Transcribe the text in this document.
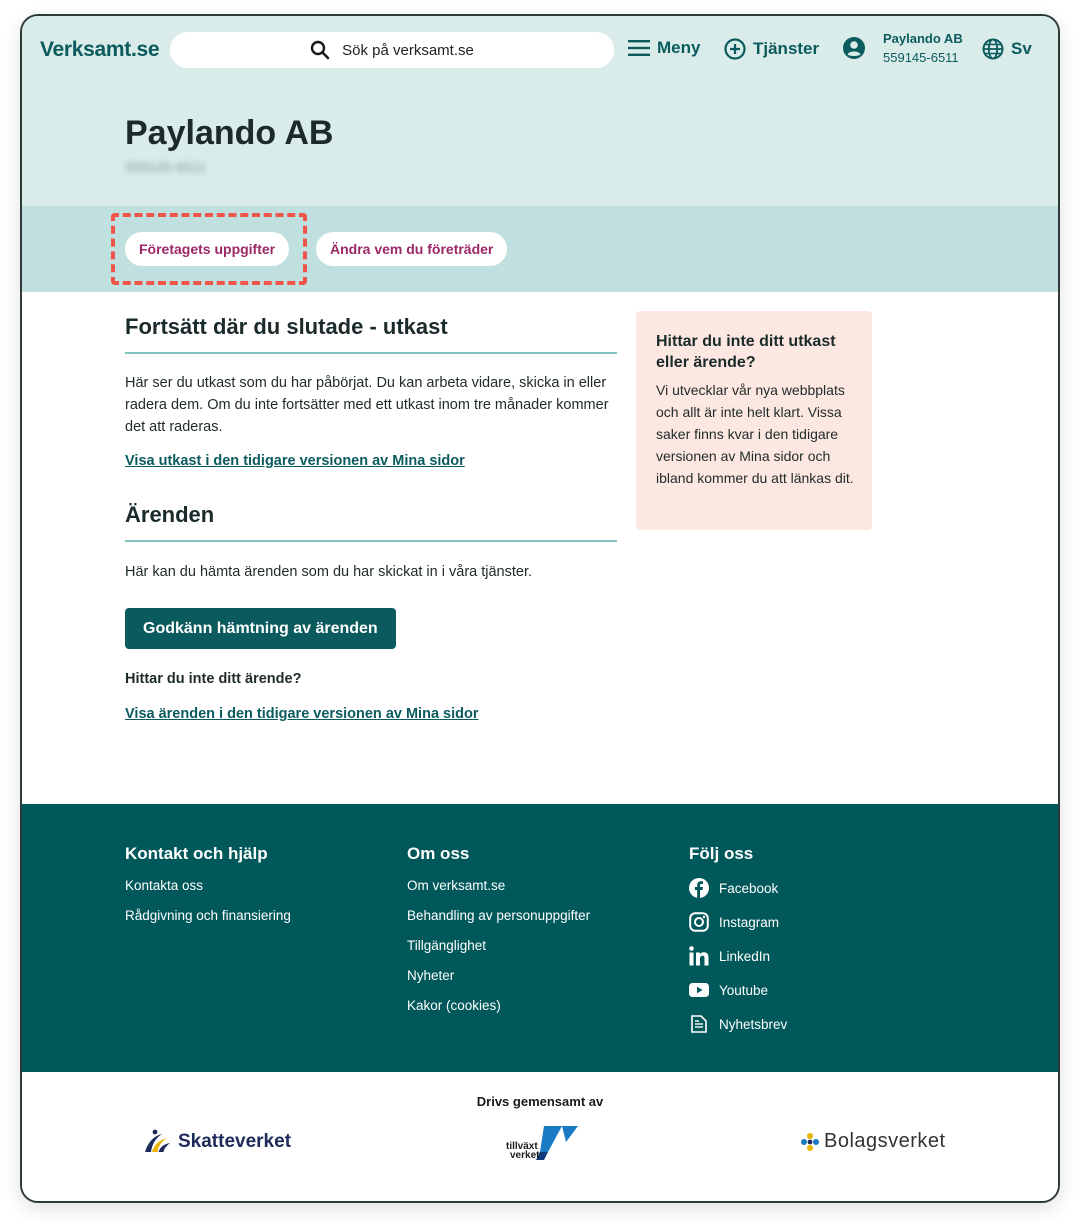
Verksamt.se	Sök på verksamt.se	Meny	Tjänster
Paylando AB
559145-6511	Sv
Paylando AB
559145-6511
Företagets uppgifter	Ändra vem du företräder
Fortsätt där du slutade - utkast
Här ser du utkast som du har påbörjat. Du kan arbeta vidare, skicka in eller radera dem. Om du inte fortsätter med ett utkast inom tre månader kommer det att raderas.
Visa utkast i den tidigare versionen av Mina sidor
Ärenden
Här kan du hämta ärenden som du har skickat in i våra tjänster.
Godkänn hämtning av ärenden
Hittar du inte ditt ärende?
Visa ärenden i den tidigare versionen av Mina sidor
Hittar du inte ditt utkast eller ärende?
Vi utvecklar vår nya webbplats och allt är inte helt klart. Vissa saker finns kvar i den tidigare versionen av Mina sidor och ibland kommer du att länkas dit.
Kontakt och hjälp
Kontakta oss
Rådgivning och finansiering
Om oss
Om verksamt.se
Behandling av personuppgifter
Tillgänglighet
Nyheter
Kakor (cookies)
Följ oss
Facebook
Instagram
LinkedIn
Youtube
Nyhetsbrev
Drivs gemensamt av
Skatteverket	tillväxt
verket
Bolagsverket
